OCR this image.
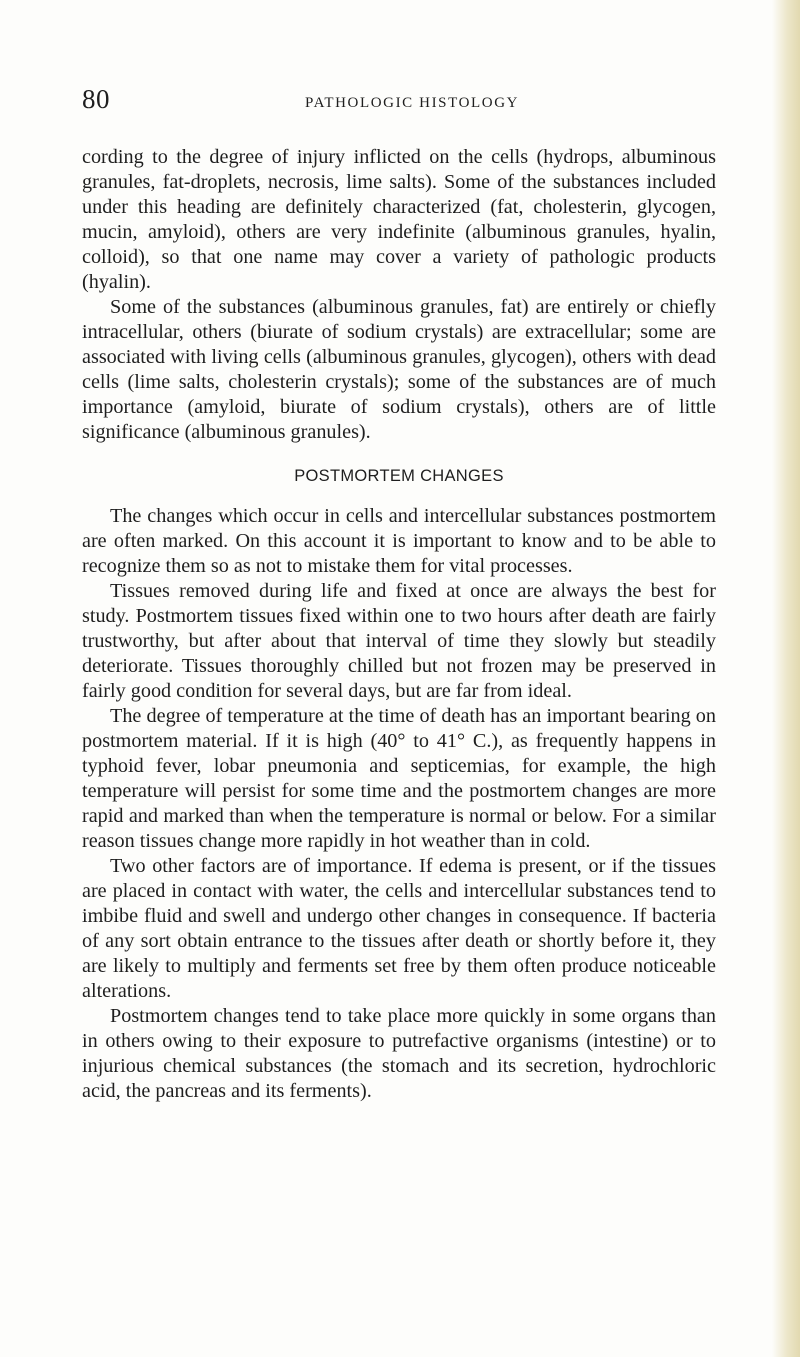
80	PATHOLOGIC HISTOLOGY

cording to the degree of injury inflicted on the cells (hydrops, albuminous granules, fat-droplets, necrosis, lime salts). Some of the substances included under this heading are definitely characterized (fat, cholesterin, glycogen, mucin, amyloid), others are very indefinite (albuminous granules, hyalin, colloid), so that one name may cover a variety of pathologic products (hyalin).

Some of the substances (albuminous granules, fat) are entirely or chiefly intracellular, others (biurate of sodium crystals) are extracellular; some are associated with living cells (albuminous granules, glycogen), others with dead cells (lime salts, cholesterin crystals); some of the substances are of much importance (amyloid, biurate of sodium crystals), others are of little significance (albuminous granules).

POSTMORTEM CHANGES

The changes which occur in cells and intercellular substances postmortem are often marked. On this account it is important to know and to be able to recognize them so as not to mistake them for vital processes.

Tissues removed during life and fixed at once are always the best for study. Postmortem tissues fixed within one to two hours after death are fairly trustworthy, but after about that interval of time they slowly but steadily deteriorate. Tissues thoroughly chilled but not frozen may be preserved in fairly good condition for several days, but are far from ideal.

The degree of temperature at the time of death has an important bearing on postmortem material. If it is high (40° to 41° C.), as frequently happens in typhoid fever, lobar pneumonia and septicemias, for example, the high temperature will persist for some time and the postmortem changes are more rapid and marked than when the temperature is normal or below. For a similar reason tissues change more rapidly in hot weather than in cold.

Two other factors are of importance. If edema is present, or if the tissues are placed in contact with water, the cells and intercellular substances tend to imbibe fluid and swell and undergo other changes in consequence. If bacteria of any sort obtain entrance to the tissues after death or shortly before it, they are likely to multiply and ferments set free by them often produce noticeable alterations.

Postmortem changes tend to take place more quickly in some organs than in others owing to their exposure to putrefactive organisms (intestine) or to injurious chemical substances (the stomach and its secretion, hydrochloric acid, the pancreas and its ferments).
